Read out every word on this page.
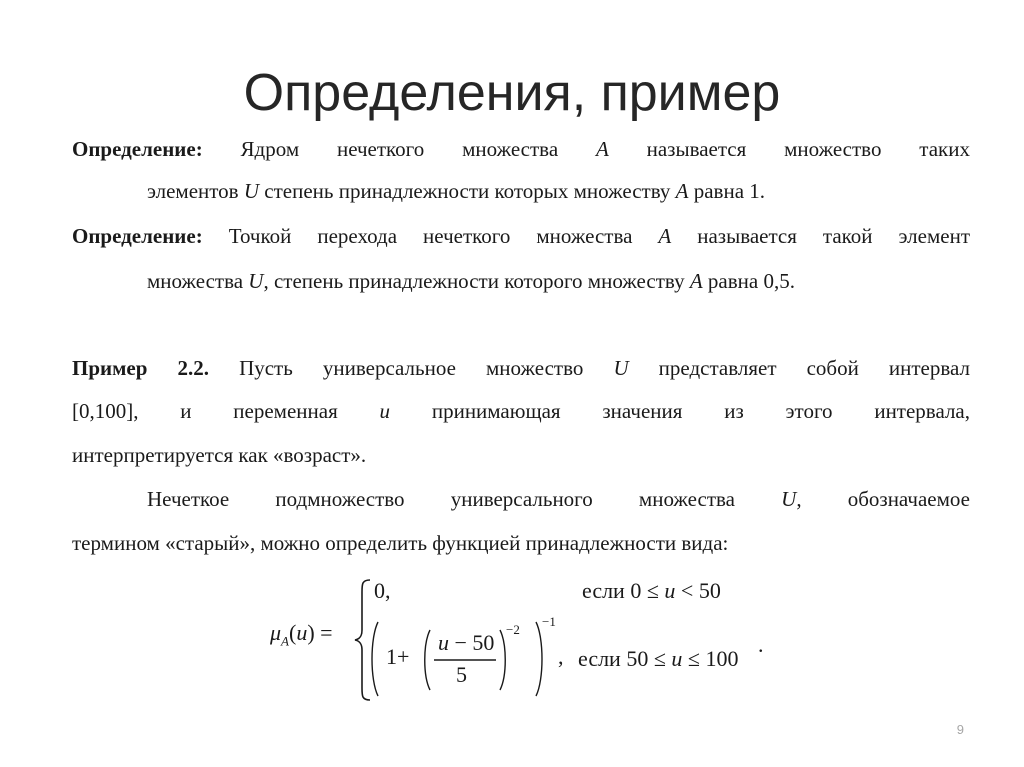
Определения, пример
Определение: Ядром нечеткого множества A называется множество таких
элементов U степень принадлежности которых множеству A равна 1.
Определение: Точкой перехода нечеткого множества A называется такой элемент
множества U, степень принадлежности которого множеству A равна 0,5.
Пример 2.2. Пусть универсальное множество U представляет собой интервал
[0,100], и переменная u принимающая значения из этого интервала,
интерпретируется как «возраст».
Нечеткое подмножество универсального множества U, обозначаемое
термином «старый», можно определить функцией принадлежности вида:
$\mu_A(u)$ =
0,	если 0 ≤ u < 50
1+
u − 50
5
−2
−1
, если 50 ≤ u ≤ 100
.
9
